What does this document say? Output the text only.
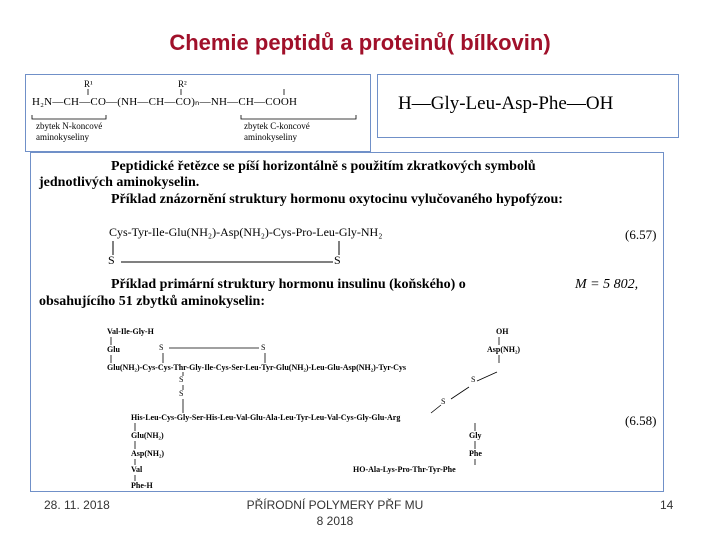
Chemie peptidů a proteinů( bílkovin)
R¹	R²
H₂N—CH—CO—(NH—CH—CO)ₙ—NH—CH—COOH
zbytek N-koncové
aminokyseliny
zbytek C-koncové
aminokyseliny
H—Gly-Leu-Asp-Phe—OH
Peptidické řetězce se píší horizontálně s použitím zkratkových symbolů
jednotlivých aminokyselin.
Příklad znázornění struktury hormonu oxytocinu vylučovaného hypofýzou:
Cys-Tyr-Ile-Glu(NH₂)-Asp(NH₂)-Cys-Pro-Leu-Gly-NH₂	(6.57)
S	S
Příklad primární struktury hormonu insulinu (koňského) o	M = 5 802,
obsahujícího 51 zbytků aminokyselin:
Val-Ile-Gly-H	OH
Glu	S	S	Asp(NH₂)
Glu(NH₂)-Cys-Cys-Thr-Gly-Ile-Cys-Ser-Leu-Tyr-Glu(NH₂)-Leu-Glu-Asp(NH₂)-Tyr-Cys
S
S
S
S
His-Leu-Cys-Gly-Ser-His-Leu-Val-Glu-Ala-Leu-Tyr-Leu-Val-Cys-Gly-Glu-Arg
Glu(NH₂)	Gly
(6.58)
Asp(NH₂)	Phe
Val	HO-Ala-Lys-Pro-Thr-Tyr-Phe
Phe-H
28. 11. 2018	PŘÍRODNÍ POLYMERY PŘF MU
8 2018
14
